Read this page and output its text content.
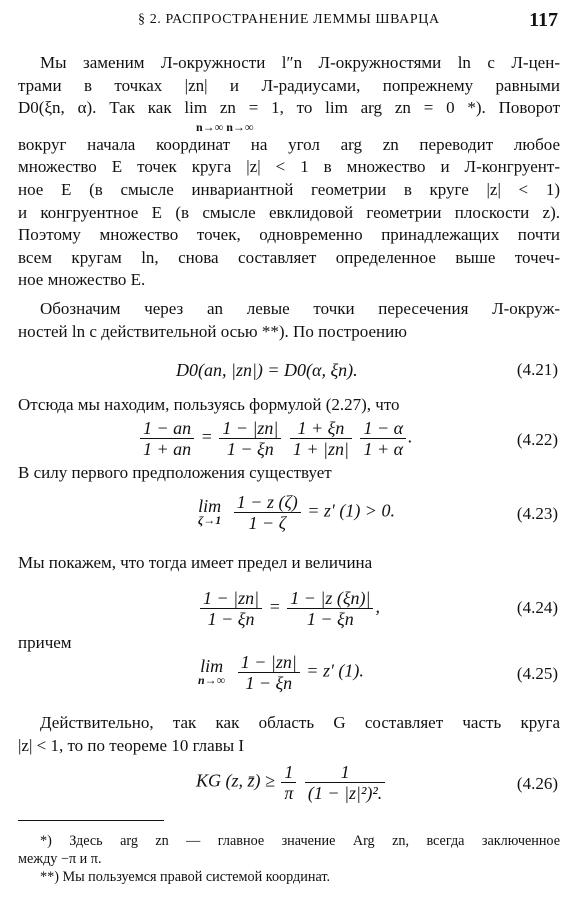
§ 2. РАСПРОСТРАНЕНИЕ ЛЕММЫ ШВАРЦА	117
Мы заменим Л-окружности l″n Л-окружностями ln с Л-цен-
трами в точках |zn| и Л-радиусами, попрежнему равными
D0(ξn, α). Так как lim zn = 1, то lim arg zn = 0 *). Поворот
n→∞ n→∞
вокруг начала координат на угол arg zn переводит любое
множество E точек круга |z| < 1 в множество и Л-конгруент-
ное E (в смысле инвариантной геометрии в круге |z| < 1)
и конгруентное E (в смысле евклидовой геометрии плоскости z).
Поэтому множество точек, одновременно принадлежащих почти
всем кругам ln, снова составляет определенное выше точеч-
ное множество E.
Обозначим через an левые точки пересечения Л-окруж-
ностей ln с действительной осью **). По построению
D0(an, |zn|) = D0(α, ξn).	(4.21)
Отсюда мы находим, пользуясь формулой (2.27), что
$\frac{1 - an}{1 + an} = \frac{1 - |zn|}{1 - \xi n}$
$\frac{1 + \xi n}{1 + |zn|}$
$\frac{1 - \alpha}{1 + \alpha}$ .	(4.22)
В силу первого предположения существует
lim
ζ→1
$\frac{1 - z (\zeta)}{1 - \zeta} = z'$ (1) > 0.	(4.23)
Мы покажем, что тогда имеет предел и величина
$\frac{1 - |zn|}{1 - \xi n} = \frac{1 - |z (\xi n)|}{1 - \xi n}$ ,	(4.24)
причем
lim
n→∞
$\frac{1 - |zn|}{1 - \xi n} = z'$ (1).	(4.25)
Действительно, так как область G составляет часть круга
|z| < 1, то по теореме 10 главы I
KG (z, z̄) ≥ $\frac{1}{\pi}$
$\frac{1}{\text{(1 − |z|²)².}}$	(4.26)
*) Здесь arg zn — главное значение Arg zn, всегда заключенное
между −π и π.
**) Мы пользуемся правой системой координат.
